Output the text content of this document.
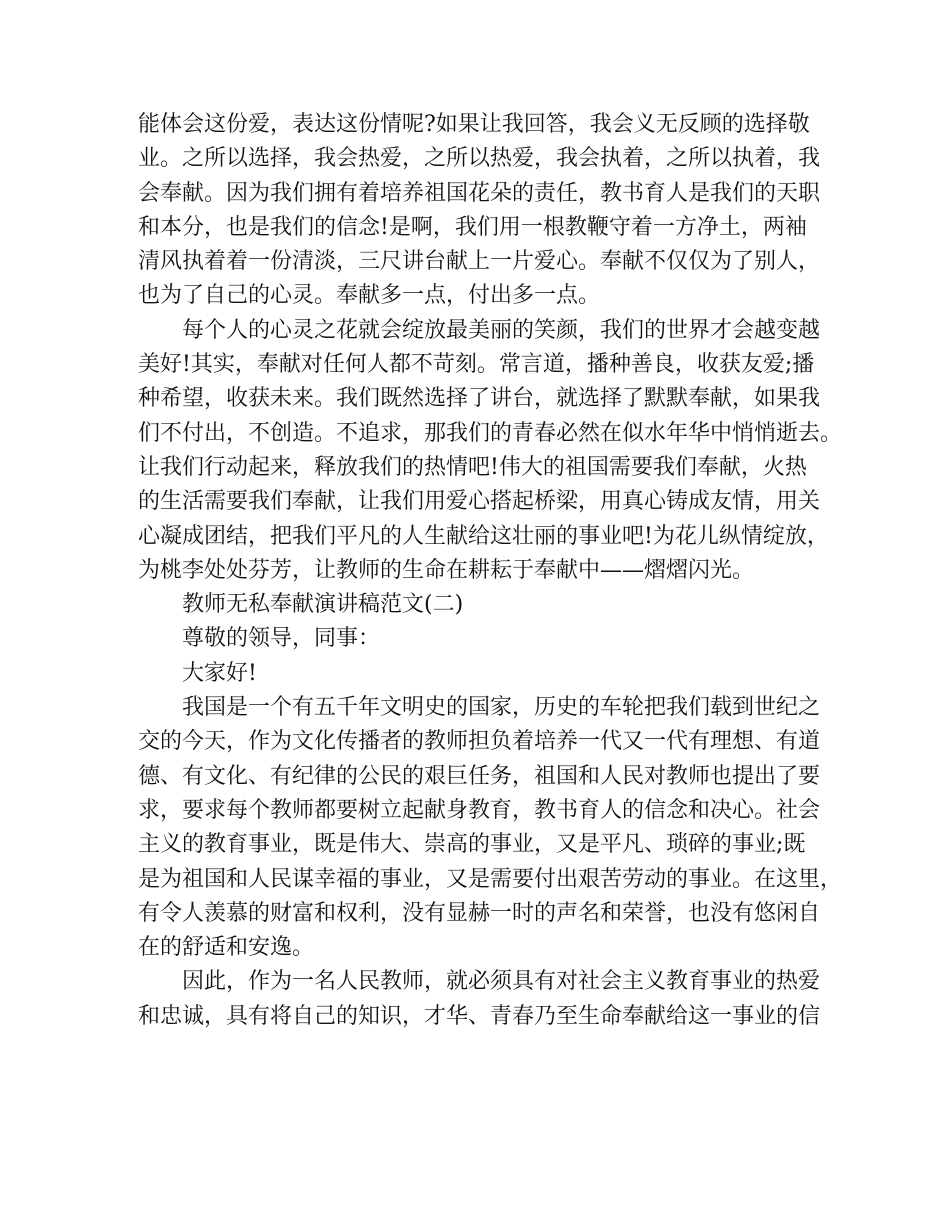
能体会这份爱，表达这份情呢?如果让我回答，我会义无反顾的选择敬
业。之所以选择，我会热爱，之所以热爱，我会执着，之所以执着，我
会奉献。因为我们拥有着培养祖国花朵的责任，教书育人是我们的天职
和本分，也是我们的信念!是啊，我们用一根教鞭守着一方净土，两袖
清风执着着一份清淡，三尺讲台献上一片爱心。奉献不仅仅为了别人，
也为了自己的心灵。奉献多一点，付出多一点。
每个人的心灵之花就会绽放最美丽的笑颜，我们的世界才会越变越
美好!其实，奉献对任何人都不苛刻。常言道，播种善良，收获友爱;播
种希望，收获未来。我们既然选择了讲台，就选择了默默奉献，如果我
们不付出，不创造。不追求，那我们的青春必然在似水年华中悄悄逝去。
让我们行动起来，释放我们的热情吧!伟大的祖国需要我们奉献，火热
的生活需要我们奉献，让我们用爱心搭起桥梁，用真心铸成友情，用关
心凝成团结，把我们平凡的人生献给这壮丽的事业吧!为花儿纵情绽放，
为桃李处处芬芳，让教师的生命在耕耘于奉献中——熠熠闪光。
教师无私奉献演讲稿范文(二)
尊敬的领导，同事：
大家好!
我国是一个有五千年文明史的国家，历史的车轮把我们载到世纪之
交的今天，作为文化传播者的教师担负着培养一代又一代有理想、有道
德、有文化、有纪律的公民的艰巨任务，祖国和人民对教师也提出了要
求，要求每个教师都要树立起献身教育，教书育人的信念和决心。社会
主义的教育事业，既是伟大、崇高的事业，又是平凡、琐碎的事业;既
是为祖国和人民谋幸福的事业，又是需要付出艰苦劳动的事业。在这里，
有令人羡慕的财富和权利，没有显赫一时的声名和荣誉，也没有悠闲自
在的舒适和安逸。
因此，作为一名人民教师，就必须具有对社会主义教育事业的热爱
和忠诚，具有将自己的知识，才华、青春乃至生命奉献给这一事业的信
